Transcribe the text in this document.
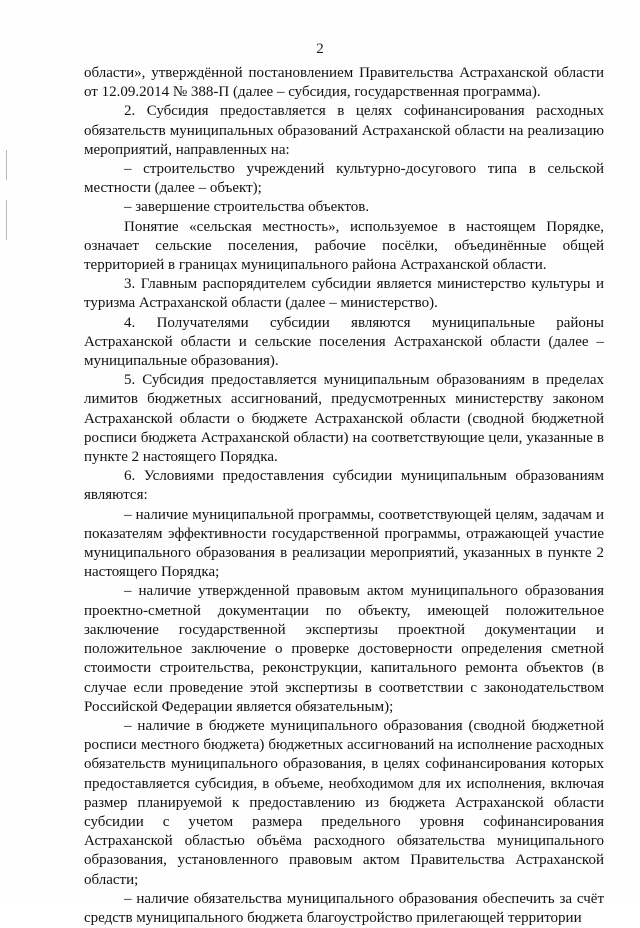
2

области», утверждённой постановлением Правительства Астраханской области от 12.09.2014 № 388-П (далее – субсидия, государственная программа).

2. Субсидия предоставляется в целях софинансирования расходных обязательств муниципальных образований Астраханской области на реализацию мероприятий, направленных на:

– строительство учреждений культурно-досугового типа в сельской местности (далее – объект);

– завершение строительства объектов.

Понятие «сельская местность», используемое в настоящем Порядке, означает сельские поселения, рабочие посёлки, объединённые общей территорией в границах муниципального района Астраханской области.

3. Главным распорядителем субсидии является министерство культуры и туризма Астраханской области (далее – министерство).

4. Получателями субсидии являются муниципальные районы Астраханской области и сельские поселения Астраханской области (далее – муниципальные образования).

5. Субсидия предоставляется муниципальным образованиям в пределах лимитов бюджетных ассигнований, предусмотренных министерству законом Астраханской области о бюджете Астраханской области (сводной бюджетной росписи бюджета Астраханской области) на соответствующие цели, указанные в пункте 2 настоящего Порядка.

6. Условиями предоставления субсидии муниципальным образованиям являются:

– наличие муниципальной программы, соответствующей целям, задачам и показателям эффективности государственной программы, отражающей участие муниципального образования в реализации мероприятий, указанных в пункте 2 настоящего Порядка;

– наличие утвержденной правовым актом муниципального образования проектно-сметной документации по объекту, имеющей положительное заключение государственной экспертизы проектной документации и положительное заключение о проверке достоверности определения сметной стоимости строительства, реконструкции, капитального ремонта объектов (в случае если проведение этой экспертизы в соответствии с законодательством Российской Федерации является обязательным);

– наличие в бюджете муниципального образования (сводной бюджетной росписи местного бюджета) бюджетных ассигнований на исполнение расходных обязательств муниципального образования, в целях софинансирования которых предоставляется субсидия, в объеме, необходимом для их исполнения, включая размер планируемой к предоставлению из бюджета Астраханской области субсидии с учетом размера предельного уровня софинансирования Астраханской областью объёма расходного обязательства муниципального образования, установленного правовым актом Правительства Астраханской области;

– наличие обязательства муниципального образования обеспечить за счёт средств муниципального бюджета благоустройство прилегающей территории
